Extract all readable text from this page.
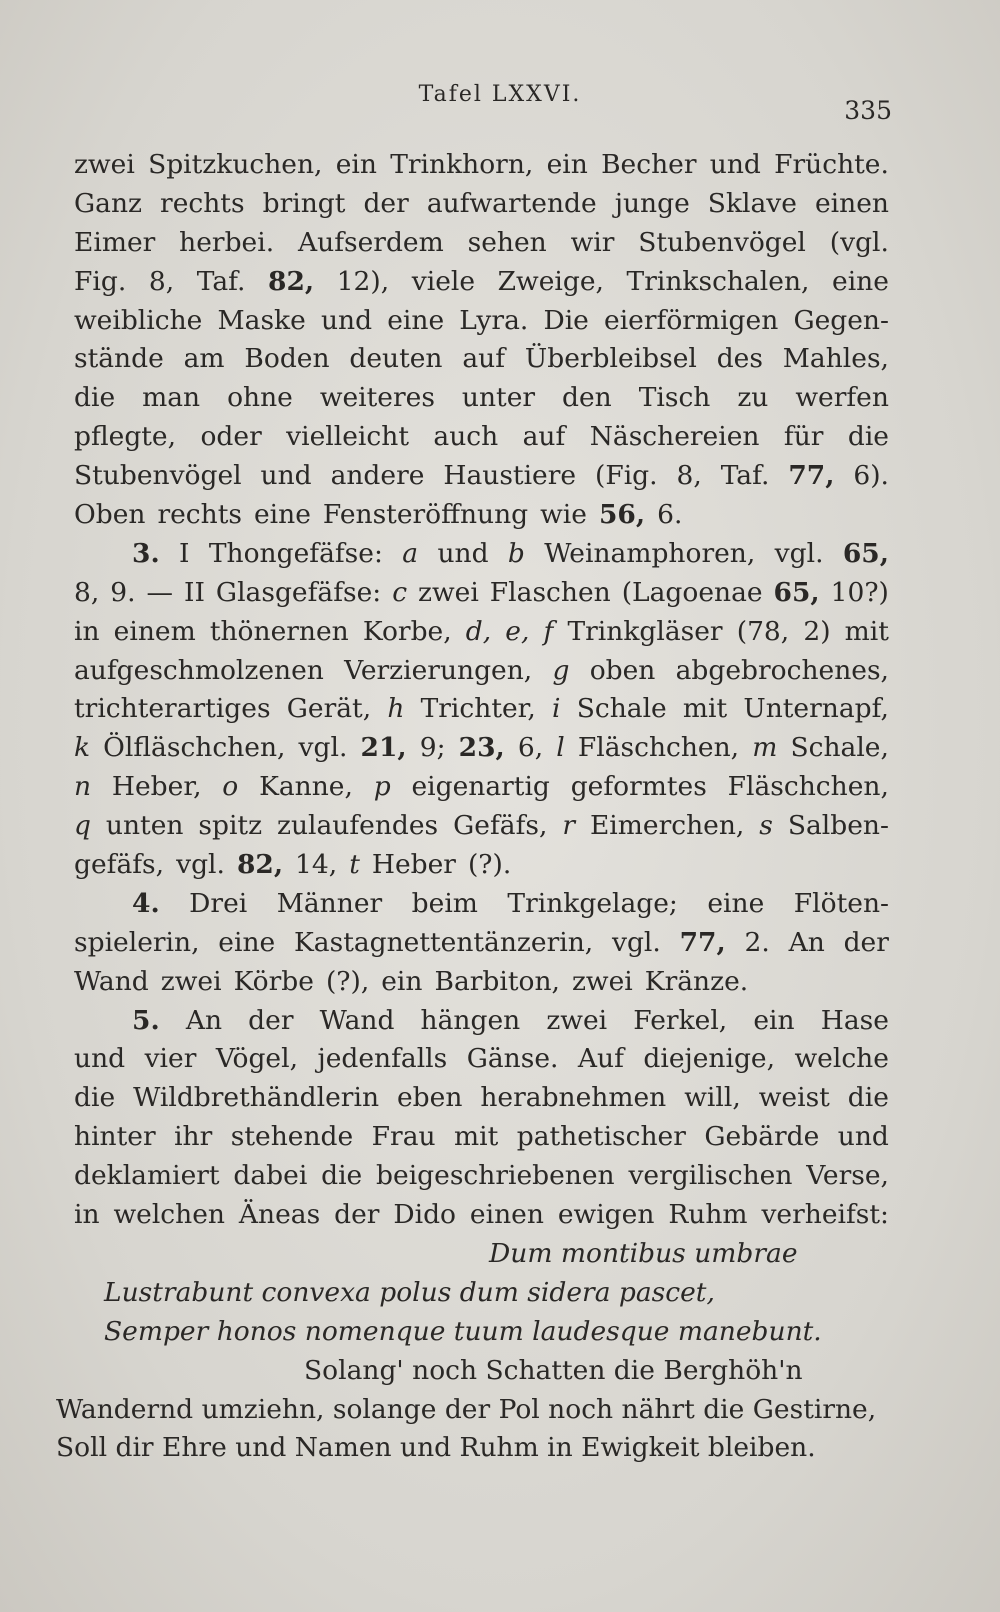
Tafel LXXVI.
335
zwei Spitzkuchen, ein Trinkhorn, ein Becher und Früchte.
Ganz rechts bringt der aufwartende junge Sklave einen
Eimer herbei. Aufserdem sehen wir Stubenvögel (vgl.
Fig. 8, Taf. 82, 12), viele Zweige, Trinkschalen, eine
weibliche Maske und eine Lyra. Die eierförmigen Gegen-
stände am Boden deuten auf Überbleibsel des Mahles,
die man ohne weiteres unter den Tisch zu werfen
pflegte, oder vielleicht auch auf Näschereien für die
Stubenvögel und andere Haustiere (Fig. 8, Taf. 77, 6).
Oben rechts eine Fensteröffnung wie 56, 6.
3. I Thongefäfse: a und b Weinamphoren, vgl. 65,
8, 9. — II Glasgefäfse: c zwei Flaschen (Lagoenae 65, 10?)
in einem thönernen Korbe, d, e, f Trinkgläser (78, 2) mit
aufgeschmolzenen Verzierungen, g oben abgebrochenes,
trichterartiges Gerät, h Trichter, i Schale mit Unternapf,
k Ölfläschchen, vgl. 21, 9; 23, 6, l Fläschchen, m Schale,
n Heber, o Kanne, p eigenartig geformtes Fläschchen,
q unten spitz zulaufendes Gefäfs, r Eimerchen, s Salben-
gefäfs, vgl. 82, 14, t Heber (?).
4. Drei Männer beim Trinkgelage; eine Flöten-
spielerin, eine Kastagnettentänzerin, vgl. 77, 2. An der
Wand zwei Körbe (?), ein Barbiton, zwei Kränze.
5. An der Wand hängen zwei Ferkel, ein Hase
und vier Vögel, jedenfalls Gänse. Auf diejenige, welche
die Wildbrethändlerin eben herabnehmen will, weist die
hinter ihr stehende Frau mit pathetischer Gebärde und
deklamiert dabei die beigeschriebenen vergilischen Verse,
in welchen Äneas der Dido einen ewigen Ruhm verheifst:
Dum montibus umbrae
Lustrabunt convexa polus dum sidera pascet,
Semper honos nomenque tuum laudesque manebunt.
Solang' noch Schatten die Berghöh'n
Wandernd umziehn, solange der Pol noch nährt die Gestirne,
Soll dir Ehre und Namen und Ruhm in Ewigkeit bleiben.
